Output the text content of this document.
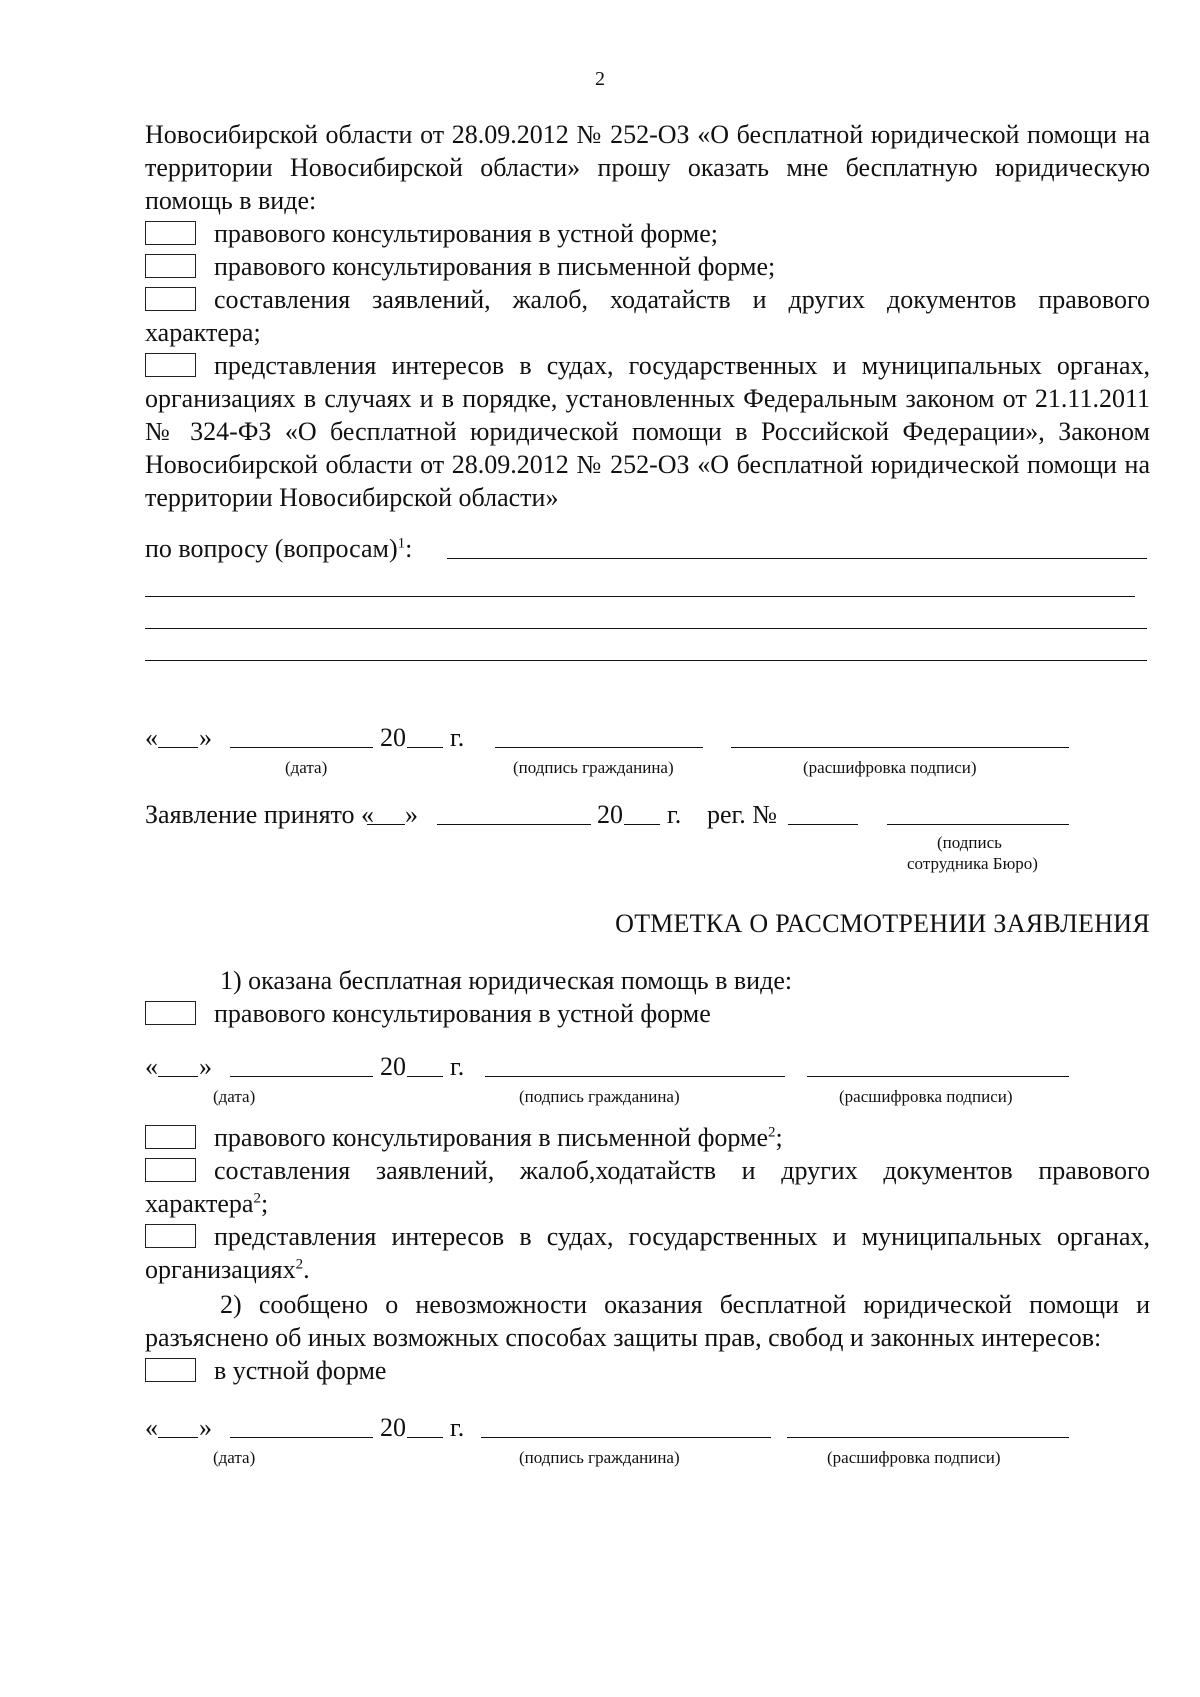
2

Новосибирской области от 28.09.2012 № 252-ОЗ «О бесплатной юридической помощи на территории Новосибирской области» прошу оказать мне бесплатную юридическую помощь в виде:

правового консультирования в устной форме;

правового консультирования в письменной форме;

составления заявлений, жалоб, ходатайств и других документов правового характера;

представления интересов в судах, государственных и муниципальных органах, организациях в случаях и в порядке, установленных Федеральным законом от 21.11.2011 № 324-ФЗ «О бесплатной юридической помощи в Российской Федерации», Законом Новосибирской области от 28.09.2012 № 252-ОЗ «О бесплатной юридической помощи на территории Новосибирской области»

по вопросу (вопросам)$^1$:
« »	20 г.
(дата)	(подпись гражданина)	(расшифровка подписи)
Заявление принято « »	20 г. рег. №
(подпись
сотрудника Бюро)
ОТМЕТКА О РАССМОТРЕНИИ ЗАЯВЛЕНИЯ

1) оказана бесплатная юридическая помощь в виде:

правового консультирования в устной форме

« »	20 г.
(дата)	(подпись гражданина)	(расшифровка подписи)

правового консультирования в письменной форме$^2$;

составления заявлений, жалоб,ходатайств и других документов правового характера$^2$;

представления интересов в судах, государственных и муниципальных органах, организациях$^2$.

2) сообщено о невозможности оказания бесплатной юридической помощи и разъяснено об иных возможных способах защиты прав, свобод и законных интересов:

в устной форме

« »	20 г.
(дата)	(подпись гражданина)	(расшифровка подписи)
